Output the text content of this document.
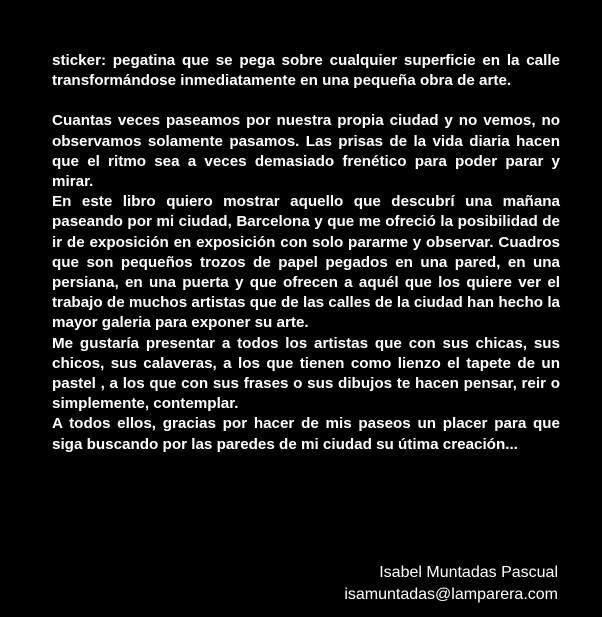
sticker: pegatina que se pega sobre cualquier superficie en la calle transformándose inmediatamente en una pequeña obra de arte.

Cuantas veces paseamos por nuestra propia ciudad y no vemos, no observamos solamente pasamos. Las prisas de la vida diaria hacen que el ritmo sea a veces demasiado frenético para poder parar y mirar.

En este libro quiero mostrar aquello que descubrí una mañana paseando por mi ciudad, Barcelona y que me ofreció la posibilidad de ir de exposición en exposición con solo pararme y observar. Cuadros que son pequeños trozos de papel pegados en una pared, en una persiana, en una puerta y que ofrecen a aquél que los quiere ver el trabajo de muchos artistas que de las calles de la ciudad han hecho la mayor galeria para exponer su arte.

Me gustaría presentar a todos los artistas que con sus chicas, sus chicos, sus calaveras, a los que tienen como lienzo el tapete de un pastel , a los que con sus frases o sus dibujos te hacen pensar, reir o simplemente, contemplar.

A todos ellos, gracias por hacer de mis paseos un placer para que siga buscando por las paredes de mi ciudad su útima creación...

Isabel Muntadas Pascual
isamuntadas@lamparera.com
